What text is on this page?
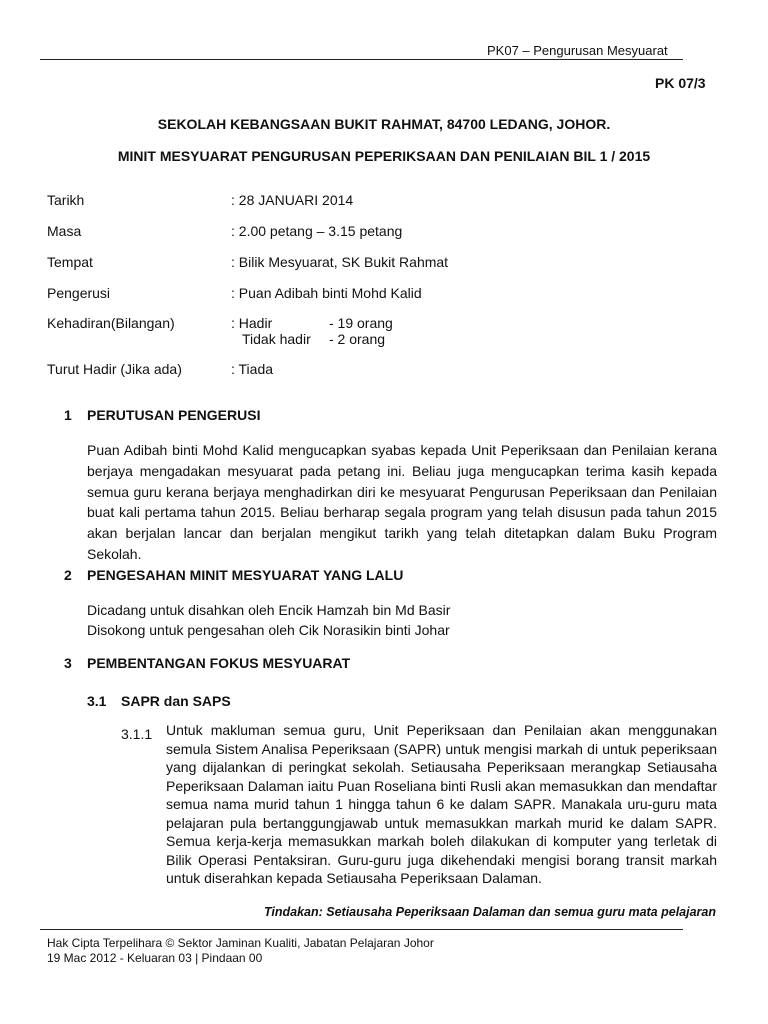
PK07 – Pengurusan Mesyuarat
PK 07/3
SEKOLAH KEBANGSAAN BUKIT RAHMAT, 84700 LEDANG, JOHOR.
MINIT MESYUARAT PENGURUSAN PEPERIKSAAN DAN PENILAIAN BIL 1 / 2015
Tarikh	: 28 JANUARI 2014
Masa	: 2.00 petang – 3.15 petang
Tempat	: Bilik Mesyuarat, SK Bukit Rahmat
Pengerusi	: Puan Adibah binti Mohd Kalid
Kehadiran(Bilangan)	: Hadir	- 19 orang
Tidak hadir - 2 orang
Turut Hadir (Jika ada)	: Tiada
1 PERUTUSAN PENGERUSI
Puan Adibah binti Mohd Kalid mengucapkan syabas kepada Unit Peperiksaan dan Penilaian kerana berjaya mengadakan mesyuarat pada petang ini. Beliau juga mengucapkan terima kasih kepada semua guru kerana berjaya menghadirkan diri ke mesyuarat Pengurusan Peperiksaan dan Penilaian buat kali pertama tahun 2015. Beliau berharap segala program yang telah disusun pada tahun 2015 akan berjalan lancar dan berjalan mengikut tarikh yang telah ditetapkan dalam Buku Program Sekolah.
2 PENGESAHAN MINIT MESYUARAT YANG LALU
Dicadang untuk disahkan oleh Encik Hamzah bin Md Basir
Disokong untuk pengesahan oleh Cik Norasikin binti Johar
3 PEMBENTANGAN FOKUS MESYUARAT
3.1 SAPR dan SAPS
3.1.1 Untuk makluman semua guru, Unit Peperiksaan dan Penilaian akan menggunakan semula Sistem Analisa Peperiksaan (SAPR) untuk mengisi markah di untuk peperiksaan yang dijalankan di peringkat sekolah. Setiausaha Peperiksaan merangkap Setiausaha Peperiksaan Dalaman iaitu Puan Roseliana binti Rusli akan memasukkan dan mendaftar semua nama murid tahun 1 hingga tahun 6 ke dalam SAPR. Manakala uru-guru mata pelajaran pula bertanggungjawab untuk memasukkan markah murid ke dalam SAPR. Semua kerja-kerja memasukkan markah boleh dilakukan di komputer yang terletak di Bilik Operasi Pentaksiran. Guru-guru juga dikehendaki mengisi borang transit markah untuk diserahkan kepada Setiausaha Peperiksaan Dalaman.
Tindakan: Setiausaha Peperiksaan Dalaman dan semua guru mata pelajaran
Hak Cipta Terpelihara © Sektor Jaminan Kualiti, Jabatan Pelajaran Johor
19 Mac 2012 - Keluaran 03 | Pindaan 00
